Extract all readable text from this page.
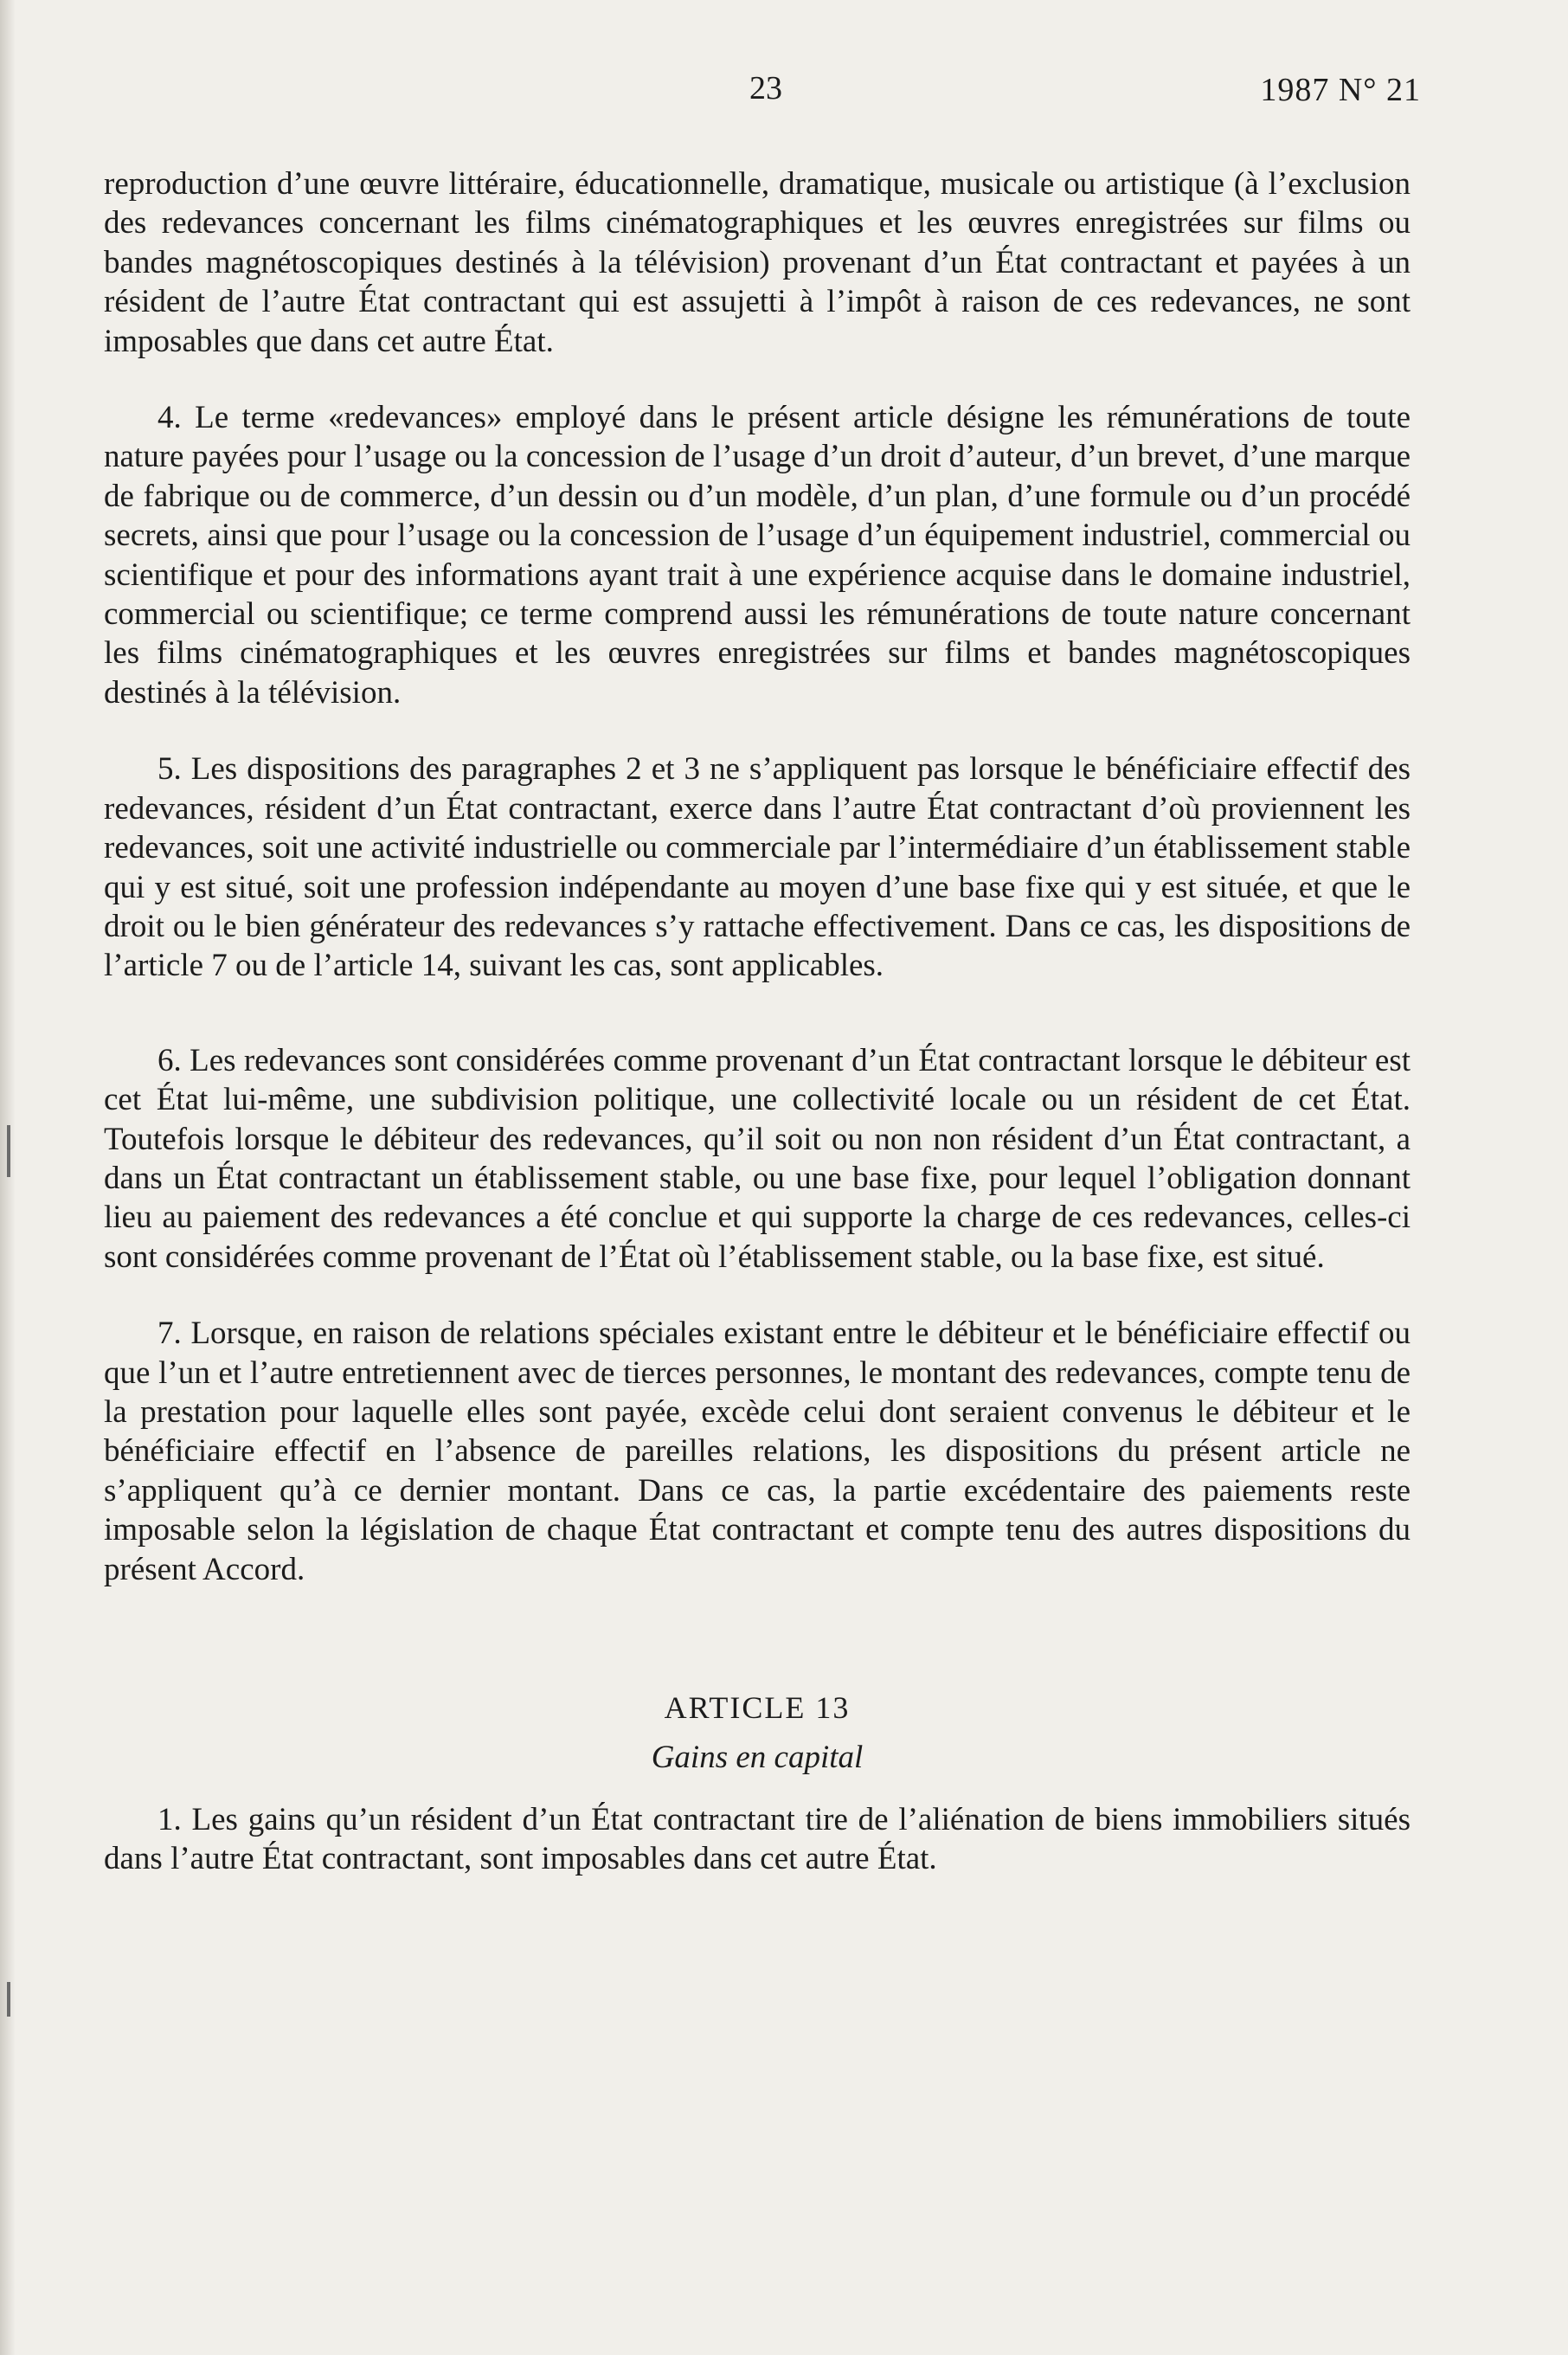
23	1987 N° 21

reproduction d’une œuvre littéraire, éducationnelle, dramatique, musicale ou artistique (à l’exclusion des redevances concernant les films cinématographiques et les œuvres enregistrées sur films ou bandes magnétoscopiques destinés à la télévision) provenant d’un État contractant et payées à un résident de l’autre État contractant qui est assujetti à l’impôt à raison de ces redevances, ne sont imposables que dans cet autre État.

4. Le terme «redevances» employé dans le présent article désigne les rémunérations de toute nature payées pour l’usage ou la concession de l’usage d’un droit d’auteur, d’un brevet, d’une marque de fabrique ou de commerce, d’un dessin ou d’un modèle, d’un plan, d’une formule ou d’un procédé secrets, ainsi que pour l’usage ou la concession de l’usage d’un équipement industriel, commercial ou scientifique et pour des informations ayant trait à une expérience acquise dans le domaine industriel, commercial ou scientifique; ce terme comprend aussi les rémunérations de toute nature concernant les films cinématographiques et les œuvres enregistrées sur films et bandes magnétoscopiques destinés à la télévision.

5. Les dispositions des paragraphes 2 et 3 ne s’appliquent pas lorsque le bénéficiaire effectif des redevances, résident d’un État contractant, exerce dans l’autre État contractant d’où proviennent les redevances, soit une activité industrielle ou commerciale par l’intermédiaire d’un établissement stable qui y est situé, soit une profession indépendante au moyen d’une base fixe qui y est située, et que le droit ou le bien générateur des redevances s’y rattache effectivement. Dans ce cas, les dispositions de l’article 7 ou de l’article 14, suivant les cas, sont applicables.

6. Les redevances sont considérées comme provenant d’un État contractant lorsque le débiteur est cet État lui-même, une subdivision politique, une collectivité locale ou un résident de cet État. Toutefois lorsque le débiteur des redevances, qu’il soit ou non non résident d’un État contractant, a dans un État contractant un établissement stable, ou une base fixe, pour lequel l’obligation donnant lieu au paiement des redevances a été conclue et qui supporte la charge de ces redevances, celles-ci sont considérées comme provenant de l’État où l’établissement stable, ou la base fixe, est situé.

7. Lorsque, en raison de relations spéciales existant entre le débiteur et le bénéficiaire effectif ou que l’un et l’autre entretiennent avec de tierces personnes, le montant des redevances, compte tenu de la prestation pour laquelle elles sont payée, excède celui dont seraient convenus le débiteur et le bénéficiaire effectif en l’absence de pareilles relations, les dispositions du présent article ne s’appliquent qu’à ce dernier montant. Dans ce cas, la partie excédentaire des paiements reste imposable selon la législation de chaque État contractant et compte tenu des autres dispositions du présent Accord.

ARTICLE 13
Gains en capital

1. Les gains qu’un résident d’un État contractant tire de l’aliénation de biens immobiliers situés dans l’autre État contractant, sont imposables dans cet autre État.
